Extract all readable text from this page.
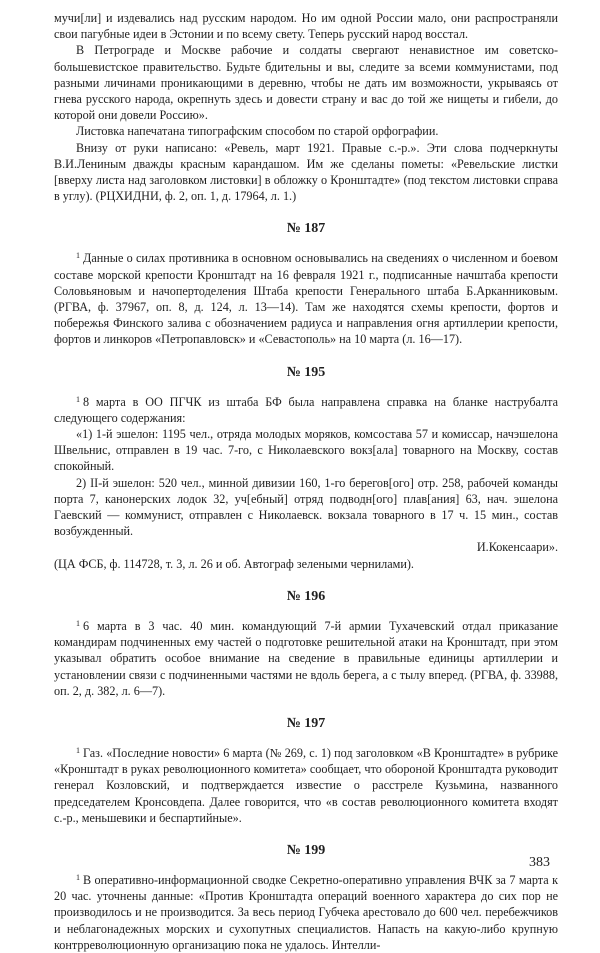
мучи[ли] и издевались над русским народом. Но им одной России мало, они распространяли свои пагубные идеи в Эстонии и по всему свету. Теперь русский народ восстал.

В Петрограде и Москве рабочие и солдаты свергают ненавистное им советско-большевистское правительство. Будьте бдительны и вы, следите за всеми коммунистами, под разными личинами проникающими в деревню, чтобы не дать им возможности, укрываясь от гнева русского народа, окрепнуть здесь и довести страну и вас до той же нищеты и гибели, до которой они довели Россию».

Листовка напечатана типографским способом по старой орфографии.

Внизу от руки написано: «Ревель, март 1921. Правые с.-р.». Эти слова подчеркнуты В.И.Лениным дважды красным карандашом. Им же сделаны пометы: «Ревельские листки [вверху листа над заголовком листовки] в обложку о Кронштадте» (под текстом листовки справа в углу). (РЦХИДНИ, ф. 2, оп. 1, д. 17964, л. 1.)

№ 187

$^1$ Данные о силах противника в основном основывались на сведениях о численном и боевом составе морской крепости Кронштадт на 16 февраля 1921 г., подписанные начштаба крепости Соловьяновым и начопертоделения Штаба крепости Генерального штаба Б.Арканниковым. (РГВА, ф. 37967, оп. 8, д. 124, л. 13—14). Там же находятся схемы крепости, фортов и побережья Финского залива с обозначением радиуса и направления огня артиллерии крепости, фортов и линкоров «Петропавловск» и «Севастополь» на 10 марта (л. 16—17).

№ 195

$^1$ 8 марта в ОО ПГЧК из штаба БФ была направлена справка на бланке наструбалта следующего содержания:

«1) 1-й эшелон: 1195 чел., отряда молодых моряков, комсостава 57 и комиссар, начэшелона Швельнис, отправлен в 19 час. 7-го, с Николаевского вокз[ала] товарного на Москву, состав спокойный.

2) II-й эшелон: 520 чел., минной дивизии 160, 1-го берегов[ого] отр. 258, рабочей команды порта 7, канонерских лодок 32, уч[ебный] отряд подводн[ого] плав[ания] 63, нач. эшелона Гаевский — коммунист, отправлен с Николаевск. вокзала товарного в 17 ч. 15 мин., состав возбужденный.

И.Кокенсаари».

(ЦА ФСБ, ф. 114728, т. 3, л. 26 и об. Автограф зелеными чернилами).

№ 196

$^1$ 6 марта в 3 час. 40 мин. командующий 7-й армии Тухачевский отдал приказание командирам подчиненных ему частей о подготовке решительной атаки на Кронштадт, при этом указывал обратить особое внимание на сведение в правильные единицы артиллерии и установлении связи с подчиненными частями не вдоль берега, а с тылу вперед. (РГВА, ф. 33988, оп. 2, д. 382, л. 6—7).

№ 197

$^1$ Газ. «Последние новости» 6 марта (№ 269, с. 1) под заголовком «В Кронштадте» в рубрике «Кронштадт в руках революционного комитета» сообщает, что обороной Кронштадта руководит генерал Козловский, и подтверждается известие о расстреле Кузьмина, названного председателем Кронсовдепа. Далее говорится, что «в состав революционного комитета входят с.-р., меньшевики и беспартийные».

№ 199

$^1$ В оперативно-информационной сводке Секретно-оперативно управления ВЧК за 7 марта к 20 час. уточнены данные: «Против Кронштадта операций военного характера до сих пор не производилось и не производится. За весь период Губчека арестовало до 600 чел. перебежчиков и неблагонадежных морских и сухопутных специалистов. Напасть на какую-либо крупную контрреволюционную организацию пока не удалось. Интелли-

383
